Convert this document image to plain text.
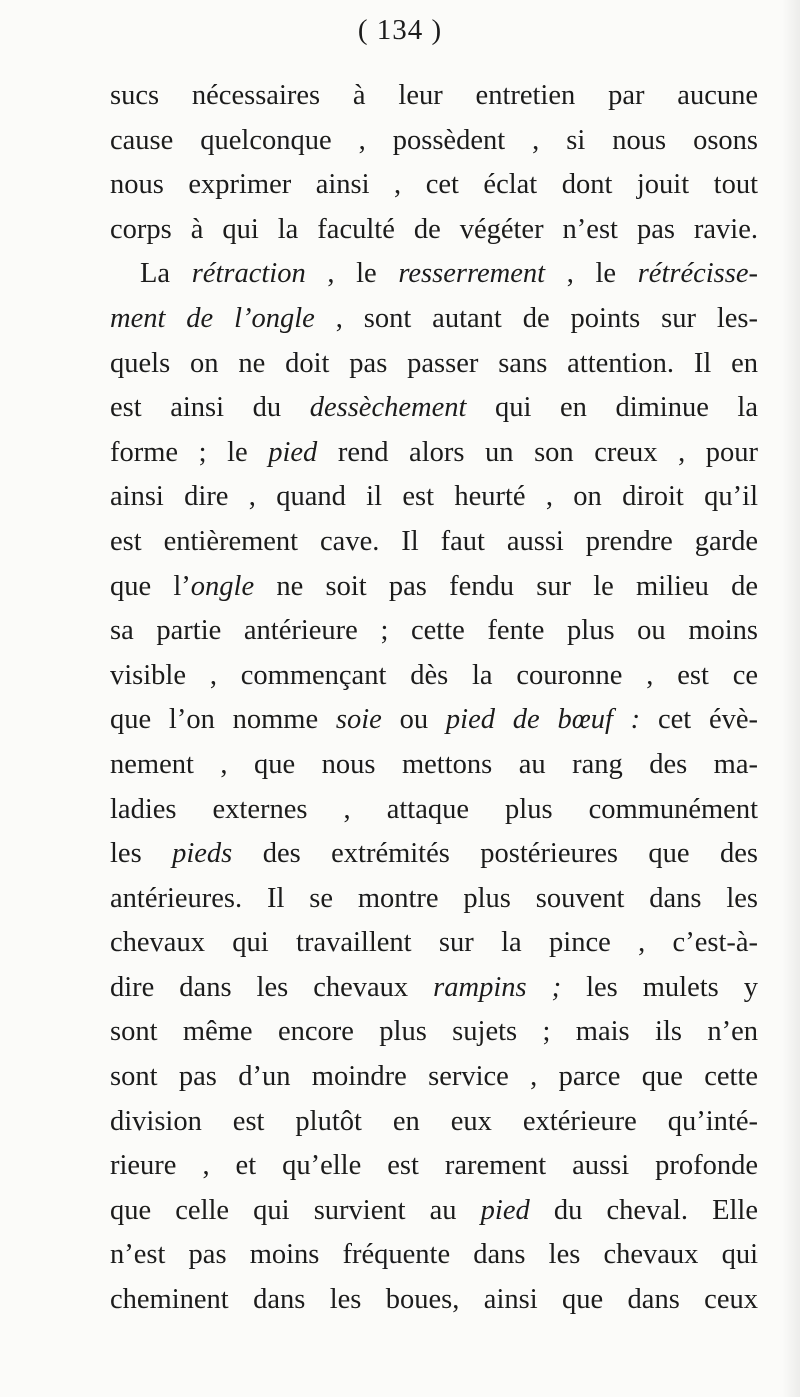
( 134 )
sucs nécessaires à leur entretien par aucune
cause quelconque , possèdent , si nous osons
nous exprimer ainsi , cet éclat dont jouit tout
corps à qui la faculté de végéter n’est pas ravie.
La rétraction , le resserrement , le rétrécisse-
ment de l’ongle , sont autant de points sur les-
quels on ne doit pas passer sans attention. Il en
est ainsi du dessèchement qui en diminue la
forme ; le pied rend alors un son creux , pour
ainsi dire , quand il est heurté , on diroit qu’il
est entièrement cave. Il faut aussi prendre garde
que l’ongle ne soit pas fendu sur le milieu de
sa partie antérieure ; cette fente plus ou moins
visible , commençant dès la couronne , est ce
que l’on nomme soie ou pied de bœuf : cet évè-
nement , que nous mettons au rang des ma-
ladies externes , attaque plus communément
les pieds des extrémités postérieures que des
antérieures. Il se montre plus souvent dans les
chevaux qui travaillent sur la pince , c’est-à-
dire dans les chevaux rampins ; les mulets y
sont même encore plus sujets ; mais ils n’en
sont pas d’un moindre service , parce que cette
division est plutôt en eux extérieure qu’inté-
rieure , et qu’elle est rarement aussi profonde
que celle qui survient au pied du cheval. Elle
n’est pas moins fréquente dans les chevaux qui
cheminent dans les boues, ainsi que dans ceux
